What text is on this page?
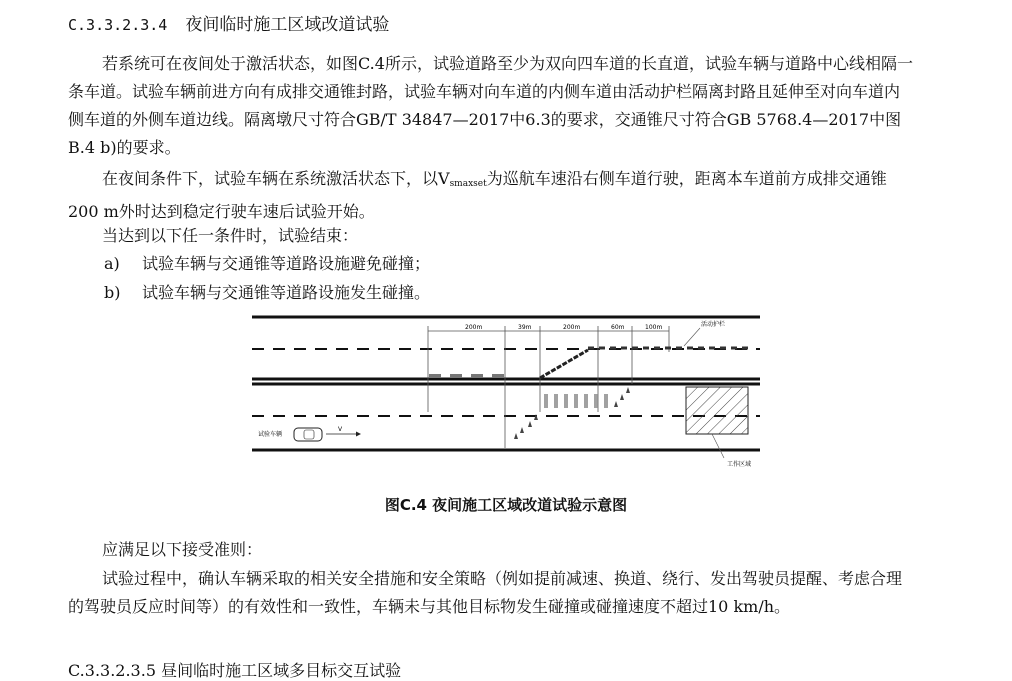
C.3.3.2.3.4 夜间临时施工区域改道试验
若系统可在夜间处于激活状态，如图C.4所示，试验道路至少为双向四车道的长直道，试验车辆与道路中心线相隔一条车道。试验车辆前进方向有成排交通锥封路，试验车辆对向车道的内侧车道由活动护栏隔离封路且延伸至对向车道内侧车道的外侧车道边线。隔离墩尺寸符合GB/T 34847—2017中6.3的要求，交通锥尺寸符合GB 5768.4—2017中图B.4 b)的要求。
在夜间条件下，试验车辆在系统激活状态下，以$V_{smaxset}$为巡航车速沿右侧车道行驶，距离本车道前方成排交通锥200 m外时达到稳定行驶车速后试验开始。
当达到以下任一条件时，试验结束：
a) 试验车辆与交通锥等道路设施避免碰撞；
b) 试验车辆与交通锥等道路设施发生碰撞。
200m	39m	200m	60m	100m	活动护栏
工作区域
试验车辆
V
图C.4 夜间施工区域改道试验示意图
应满足以下接受准则：
试验过程中，确认车辆采取的相关安全措施和安全策略（例如提前减速、换道、绕行、发出驾驶员提醒、考虑合理的驾驶员反应时间等）的有效性和一致性，车辆未与其他目标物发生碰撞或碰撞速度不超过10 km/h。
C.3.3.2.3.5 昼间临时施工区域多目标交互试验
